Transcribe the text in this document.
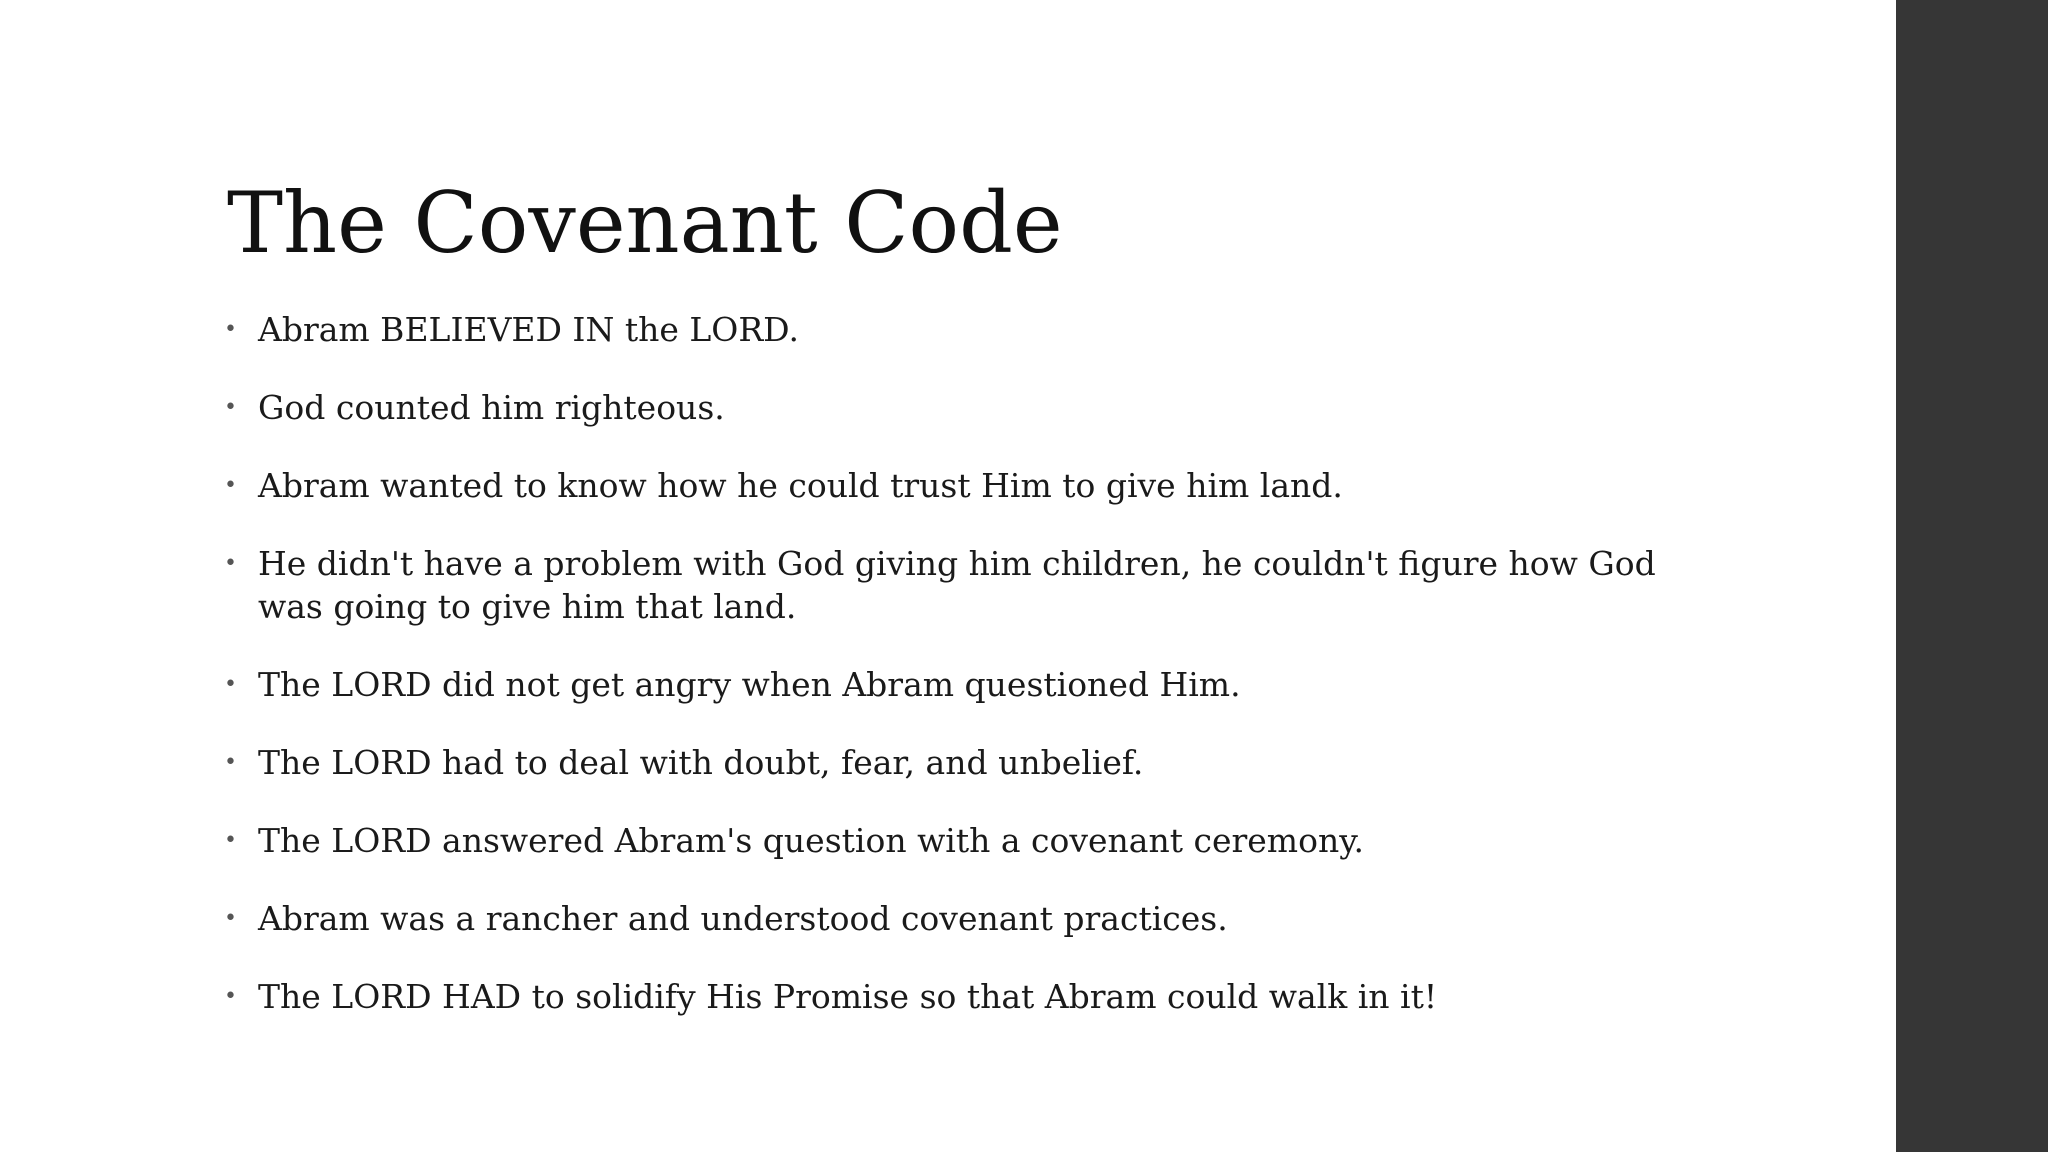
The Covenant Code
• Abram BELIEVED IN the LORD.
• God counted him righteous.
• Abram wanted to know how he could trust Him to give him land.
• He didn't have a problem with God giving him children, he couldn't figure how God was going to give him that land.
• The LORD did not get angry when Abram questioned Him.
• The LORD had to deal with doubt, fear, and unbelief.
• The LORD answered Abram's question with a covenant ceremony.
• Abram was a rancher and understood covenant practices.
• The LORD HAD to solidify His Promise so that Abram could walk in it!
